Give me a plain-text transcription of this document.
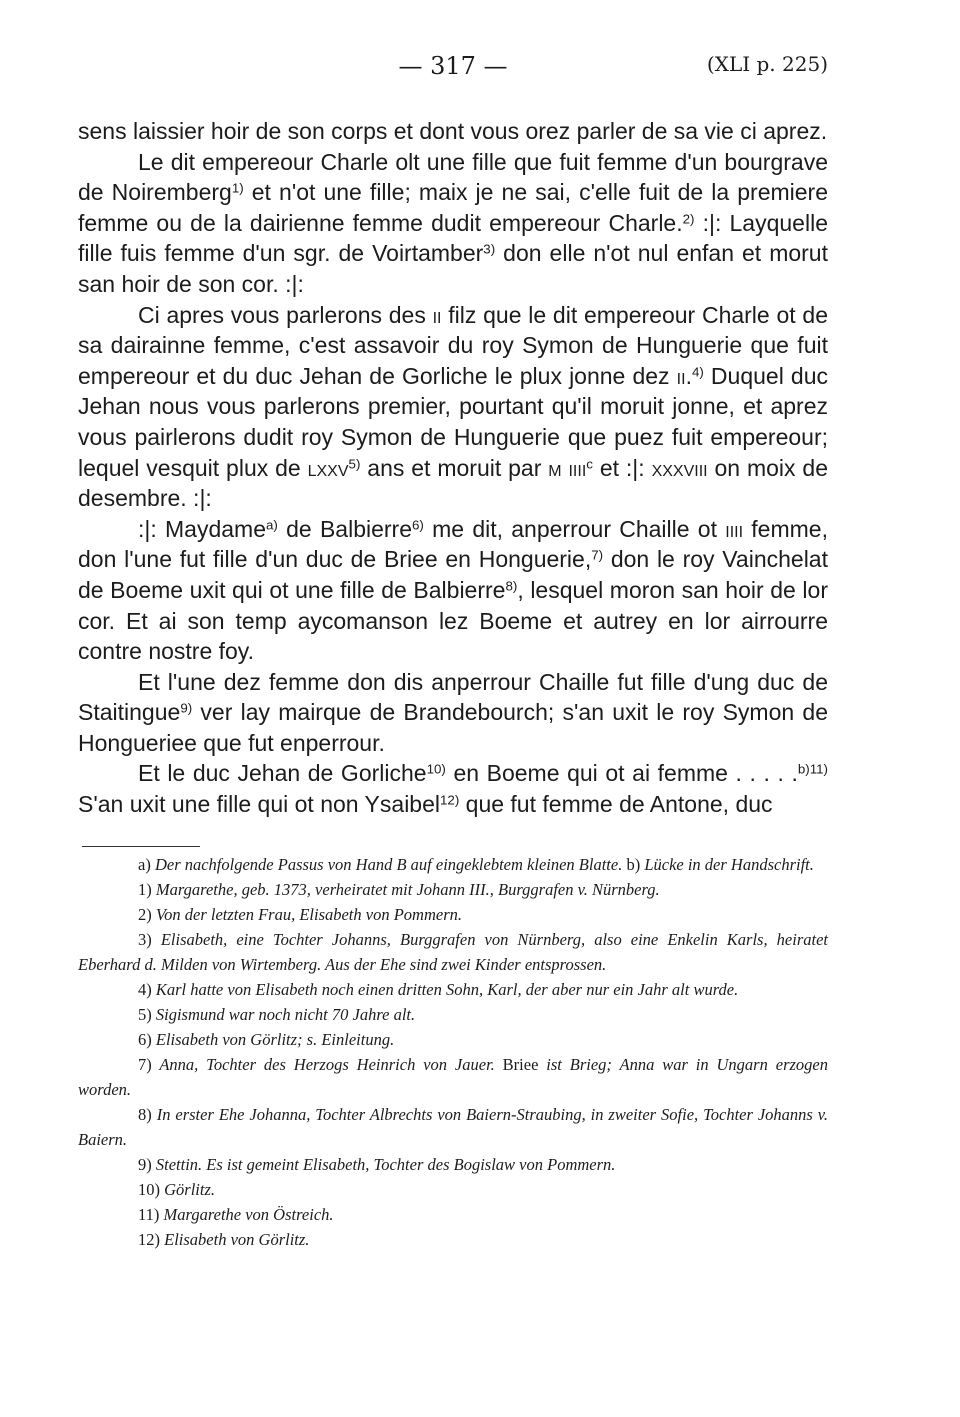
— 317 —	(XLI p. 225)

sens laissier hoir de son corps et dont vous orez parler de sa vie ci aprez.

Le dit empereour Charle olt une fille que fuit femme d'un bourgrave de Noiremberg$^{1)}$ et n'ot une fille; maix je ne sai, c'elle fuit de la premiere femme ou de la dairienne femme dudit empereour Charle.$^{2)}$ :|: Layquelle fille fuis femme d'un sgr. de Voirtamber$^{3)}$ don elle n'ot nul enfan et morut san hoir de son cor. :|:

Ci apres vous parlerons des ii filz que le dit empereour Charle ot de sa dairainne femme, c'est assavoir du roy Symon de Hunguerie que fuit empereour et du duc Jehan de Gorliche le plux jonne dez ii.$^{4)}$ Duquel duc Jehan nous vous parlerons premier, pourtant qu'il moruit jonne, et aprez vous pairlerons dudit roy Symon de Hunguerie que puez fuit empereour; lequel vesquit plux de lxxv$^{5)}$ ans et moruit par m iiii$^c$ et :|: xxxviii on moix de desembre. :|:

:|: Maydame$^{a)}$ de Balbierre$^{6)}$ me dit, anperrour Chaille ot iiii femme, don l'une fut fille d'un duc de Briee en Honguerie,$^{7)}$ don le roy Vainchelat de Boeme uxit qui ot une fille de Balbierre$^{8)}$, lesquel moron san hoir de lor cor. Et ai son temp aycomanson lez Boeme et autrey en lor airrourre contre nostre foy.

Et l'une dez femme don dis anperrour Chaille fut fille d'ung duc de Staitingue$^{9)}$ ver lay mairque de Brandebourch; s'an uxit le roy Symon de Hongueriee que fut enperrour.

Et le duc Jehan de Gorliche$^{10)}$ en Boeme qui ot ai femme . . . . .$^{b)11)}$ S'an uxit une fille qui ot non Ysaibel$^{12)}$ que fut femme de Antone, duc

a) Der nachfolgende Passus von Hand B auf eingeklebtem kleinen Blatte. b) Lücke in der Handschrift.

1) Margarethe, geb. 1373, verheiratet mit Johann III., Burggrafen v. Nürnberg.

2) Von der letzten Frau, Elisabeth von Pommern.

3) Elisabeth, eine Tochter Johanns, Burggrafen von Nürnberg, also eine Enkelin Karls, heiratet Eberhard d. Milden von Wirtemberg. Aus der Ehe sind zwei Kinder entsprossen.

4) Karl hatte von Elisabeth noch einen dritten Sohn, Karl, der aber nur ein Jahr alt wurde.

5) Sigismund war noch nicht 70 Jahre alt.

6) Elisabeth von Görlitz; s. Einleitung.

7) Anna, Tochter des Herzogs Heinrich von Jauer. Briee ist Brieg; Anna war in Ungarn erzogen worden.

8) In erster Ehe Johanna, Tochter Albrechts von Baiern-Straubing, in zweiter Sofie, Tochter Johanns v. Baiern.

9) Stettin. Es ist gemeint Elisabeth, Tochter des Bogislaw von Pommern.

10) Görlitz.

11) Margarethe von Östreich.

12) Elisabeth von Görlitz.
